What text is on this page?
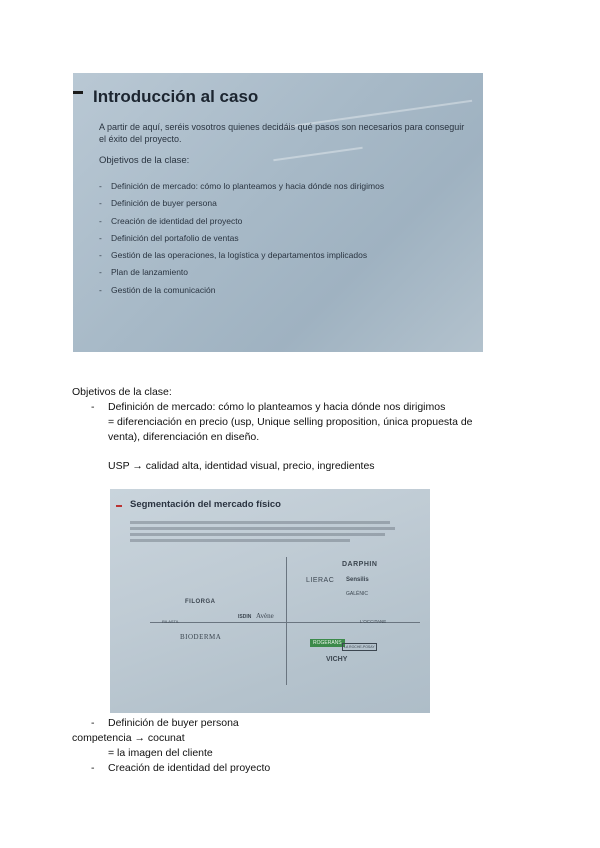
Introducción al caso
A partir de aquí, seréis vosotros quienes decidáis qué pasos son necesarios para conseguir el éxito del proyecto.
Objetivos de la clase:
- Definición de mercado: cómo lo planteamos y hacia dónde nos dirigimos
- Definición de buyer persona
- Creación de identidad del proyecto
- Definición del portafolio de ventas
- Gestión de las operaciones, la logística y departamentos implicados
- Plan de lanzamiento
- Gestión de la comunicación
Objetivos de la clase:
- Definición de mercado: cómo lo planteamos y hacia dónde nos dirigimos
= diferenciación en precio (usp, Unique selling proposition, única propuesta de
venta), diferenciación en diseño.
USP → calidad alta, identidad visual, precio, ingredientes
Segmentación del mercado físico
DARPHIN
LIERAC Sensilis
GALÉNIC
FILORGA
ISDIN Avène
BIODERMA
RILASTIL	L'OCCITANE
ROGERANS
VICHY
LA ROCHE-POSAY
- Definición de buyer persona
competencia → cocunat
= la imagen del cliente
- Creación de identidad del proyecto
